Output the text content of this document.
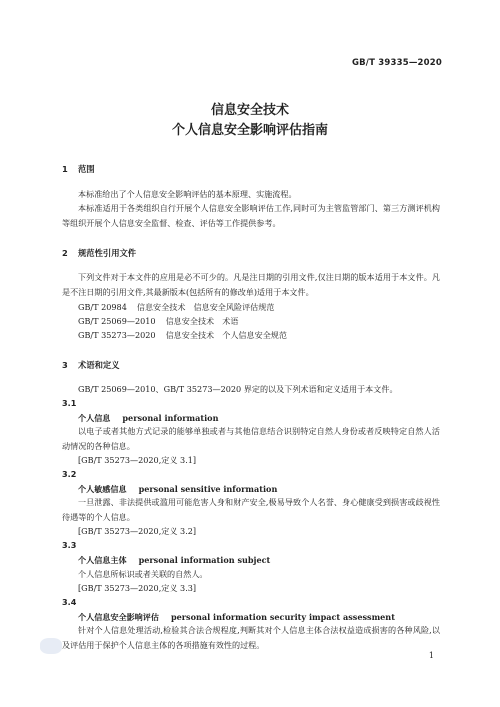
GB/T 39335—2020
信息安全技术
个人信息安全影响评估指南
1 范围

本标准给出了个人信息安全影响评估的基本原理、实施流程。

本标准适用于各类组织自行开展个人信息安全影响评估工作,同时可为主管监管部门、第三方测评机构等组织开展个人信息安全监督、检查、评估等工作提供参考。

2 规范性引用文件

下列文件对于本文件的应用是必不可少的。凡是注日期的引用文件,仅注日期的版本适用于本文件。凡是不注日期的引用文件,其最新版本(包括所有的修改单)适用于本文件。

GB/T 20984 信息安全技术　信息安全风险评估规范
GB/T 25069—2010 信息安全技术　术语
GB/T 35273—2020 信息安全技术　个人信息安全规范
3 术语和定义

GB/T 25069—2010、GB/T 35273—2020 界定的以及下列术语和定义适用于本文件。

3.1
个人信息 personal information

以电子或者其他方式记录的能够单独或者与其他信息结合识别特定自然人身份或者反映特定自然人活动情况的各种信息。

[GB/T 35273—2020,定义 3.1]
3.2
个人敏感信息 personal sensitive information

一旦泄露、非法提供或滥用可能危害人身和财产安全,极易导致个人名誉、身心健康受到损害或歧视性待遇等的个人信息。

[GB/T 35273—2020,定义 3.2]
3.3
个人信息主体 personal information subject

个人信息所标识或者关联的自然人。

[GB/T 35273—2020,定义 3.3]
3.4
个人信息安全影响评估 personal information security impact assessment

针对个人信息处理活动,检验其合法合规程度,判断其对个人信息主体合法权益造成损害的各种风险,以及评估用于保护个人信息主体的各项措施有效性的过程。

1
